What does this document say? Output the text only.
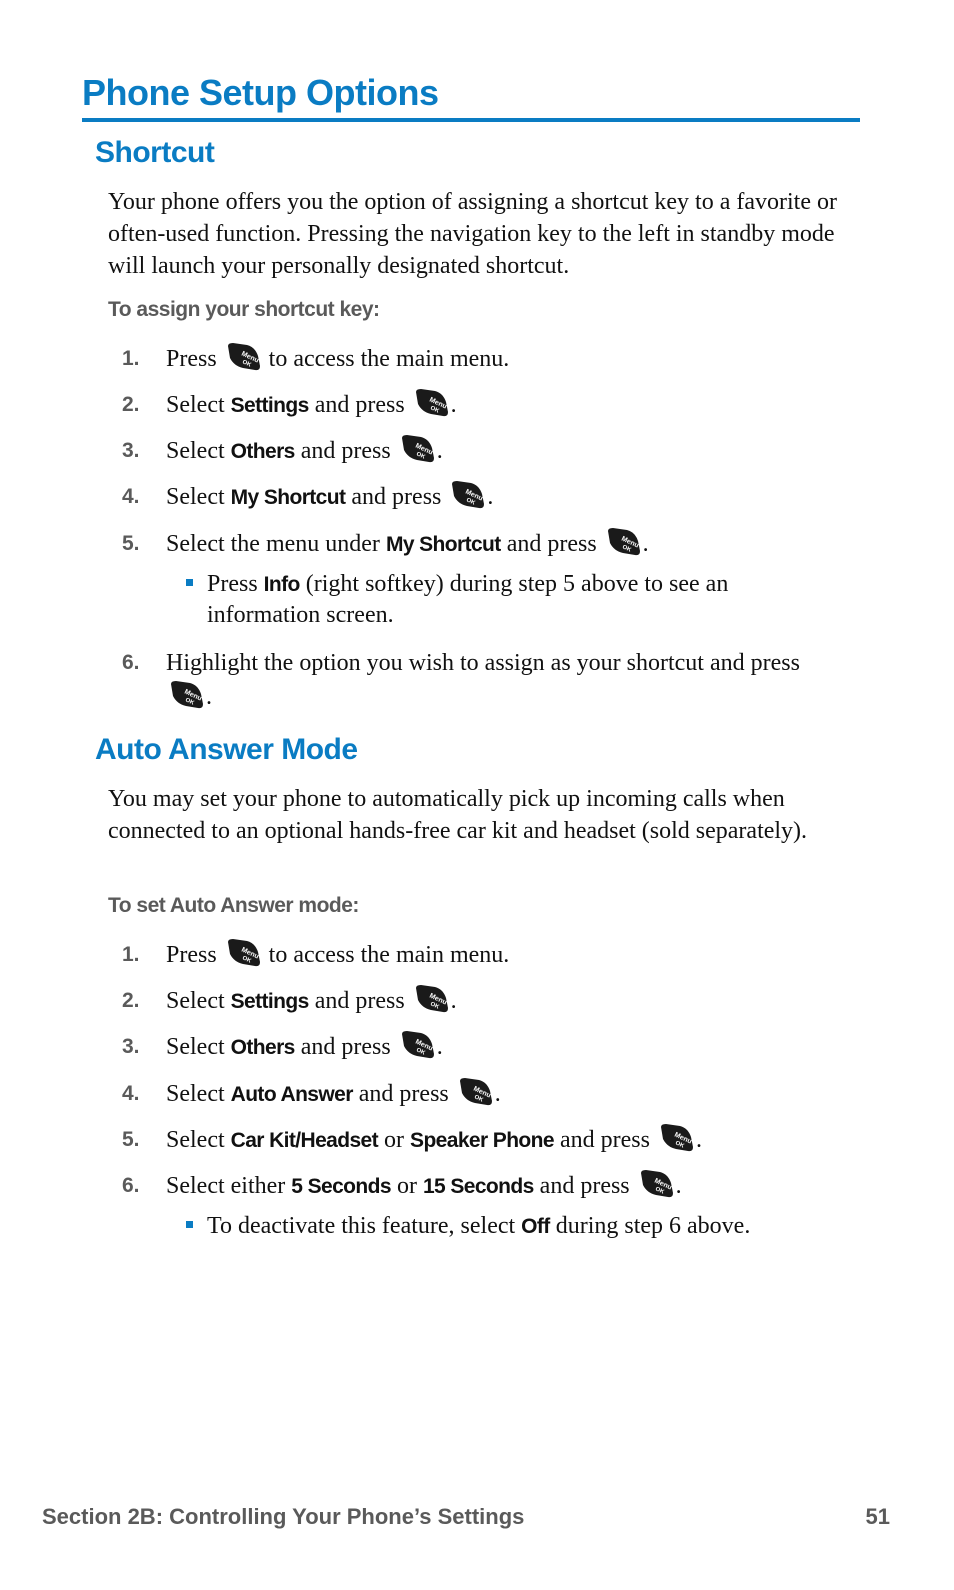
Phone Setup Options
Shortcut

Your phone offers you the option of assigning a shortcut key to a favorite or often-used function. Pressing the navigation key to the left in standby mode will launch your personally designated shortcut.

To assign your shortcut key:
1.	Press to access the main menu.
2.	Select Settings and press .
3.	Select Others and press .
4.	Select My Shortcut and press .
5.	Select the menu under My Shortcut and press .
Press Info (right softkey) during step 5 above to see an information screen.
6.	Highlight the option you wish to assign as your shortcut and press .
Auto Answer Mode

You may set your phone to automatically pick up incoming calls when connected to an optional hands-free car kit and headset (sold separately).

To set Auto Answer mode:
1.	Press to access the main menu.
2.	Select Settings and press .
3.	Select Others and press .
4.	Select Auto Answer and press .
5.	Select Car Kit/Headset or Speaker Phone and press .
6.	Select either 5 Seconds or 15 Seconds and press .
To deactivate this feature, select Off during step 6 above.
Section 2B: Controlling Your Phone’s Settings	51
